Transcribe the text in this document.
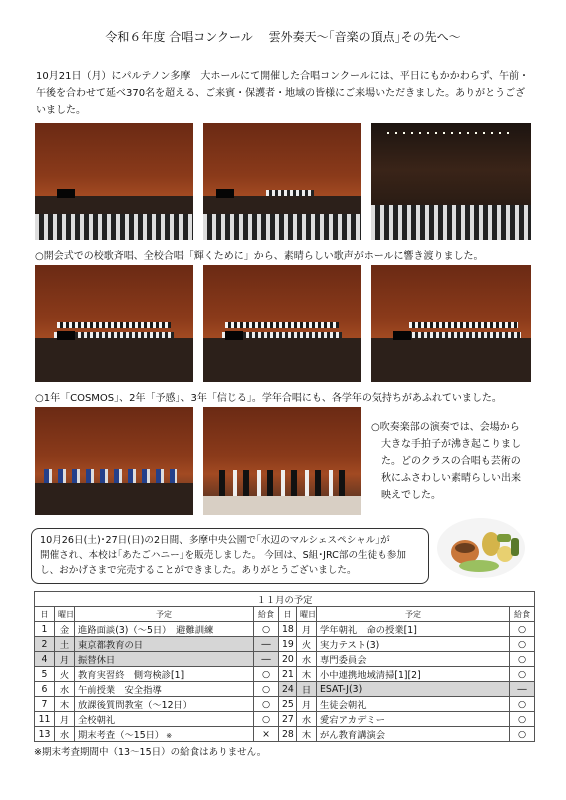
令和６年度 合唱コンクール　 雲外奏天～｢音楽の頂点｣その先へ～
10月21日（月）にパルテノン多摩　大ホールにて開催した合唱コンクールには、平日にもかかわらず、午前・午後を合わせて延べ370名を超える、ご来賓・保護者・地域の皆様にご来場いただきました。ありがとうございました。
○開会式での校歌斉唱、全校合唱「輝くために」から、素晴らしい歌声がホールに響き渡りました。
○1年「COSMOS」、2年「予感」、3年「信じる」。学年合唱にも、各学年の気持ちがあふれていました。
○吹奏楽部の演奏では、会場から
　大きな手拍子が沸き起こりまし
　た。どのクラスの合唱も芸術の
　秋にふさわしい素晴らしい出来
　映えでした。
10月26日(土)･27日(日)の2日間、多摩中央公園で｢水辺のマルシェスペシャル｣が
開催され、本校は｢あたごハニー｣を販売しました。 今回は、S組･JRC部の生徒も参加
し、おかげさまで完売することができました。ありがとうございました。
１１月の予定							
日	曜日	予定	給食	日	曜日	予定	給食
1	金	進路面談(3)（～5日）　避難訓練	○	18	月	学年朝礼　命の授業[1]	○
2	土	東京都教育の日	―	19	火	実力テスト(3)	○
4	月	振替休日	―	20	水	専門委員会	○
5	火	教育実習終　側弯検診[1]	○	21	木	小中連携地域清掃[1][2]	○
6	水	午前授業　安全指導	○	24	日	ESAT-J(3)	―
7	木	放課後質問教室（～12日）	○	25	月	生徒会朝礼	○
11	月	全校朝礼	○	27	水	愛宕アカデミー	○
13	水	期末考査（～15日） ※	×	28	木	がん教育講演会	○
※期末考査期間中（13～15日）の給食はありません。
